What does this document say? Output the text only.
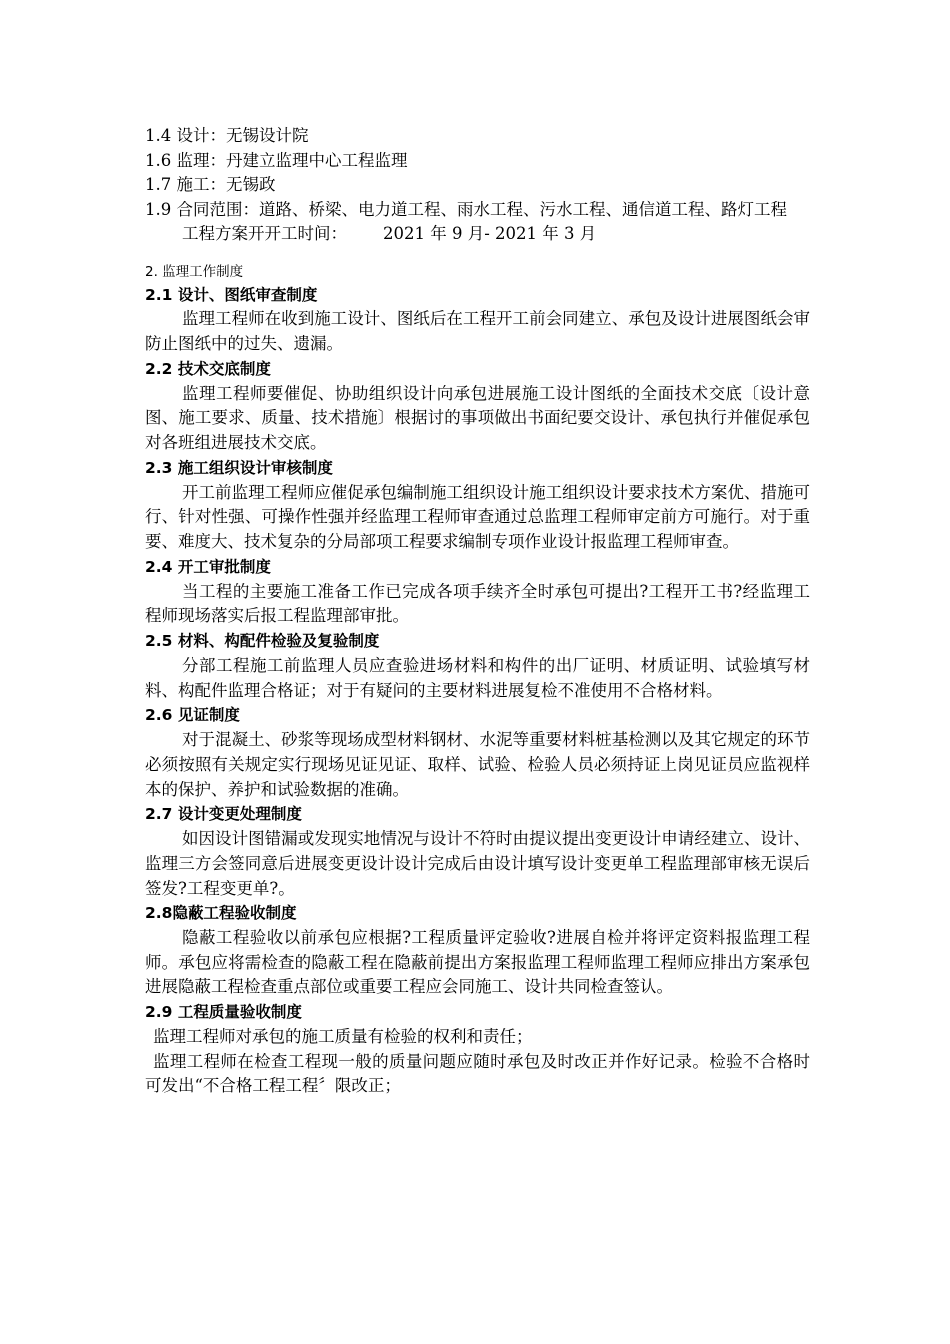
1.4 设计：无锡设计院
1.6 监理：丹建立监理中心工程监理
1.7 施工：无锡政
1.9 合同范围：道路、桥梁、电力道工程、雨水工程、污水工程、通信道工程、路灯工程
工程方案开开工时间： 2021 年 9 月- 2021 年 3 月
2. 监理工作制度
2.1 设计、图纸审查制度
监理工程师在收到施工设计、图纸后在工程开工前会同建立、承包及设计进展图纸会审防止图纸中的过失、遗漏。
2.2 技术交底制度
监理工程师要催促、协助组织设计向承包进展施工设计图纸的全面技术交底〔设计意图、施工要求、质量、技术措施〕根据讨的事项做出书面纪要交设计、承包执行并催促承包对各班组进展技术交底。
2.3 施工组织设计审核制度
开工前监理工程师应催促承包编制施工组织设计施工组织设计要求技术方案优、措施可行、针对性强、可操作性强并经监理工程师审查通过总监理工程师审定前方可施行。对于重要、难度大、技术复杂的分局部项工程要求编制专项作业设计报监理工程师审查。
2.4 开工审批制度
当工程的主要施工准备工作已完成各项手续齐全时承包可提出?工程开工书?经监理工程师现场落实后报工程监理部审批。
2.5 材料、构配件检验及复验制度
分部工程施工前监理人员应查验进场材料和构件的出厂证明、材质证明、试验填写材料、构配件监理合格证；对于有疑问的主要材料进展复检不准使用不合格材料。
2.6 见证制度
对于混凝土、砂浆等现场成型材料钢材、水泥等重要材料桩基检测以及其它规定的环节必须按照有关规定实行现场见证见证、取样、试验、检验人员必须持证上岗见证员应监视样本的保护、养护和试验数据的准确。
2.7 设计变更处理制度
如因设计图错漏或发现实地情况与设计不符时由提议提出变更设计申请经建立、设计、监理三方会签同意后进展变更设计设计完成后由设计填写设计变更单工程监理部审核无误后签发?工程变更单?。
2.8隐蔽工程验收制度
隐蔽工程验收以前承包应根据?工程质量评定验收?进展自检并将评定资料报监理工程师。承包应将需检查的隐蔽工程在隐蔽前提出方案报监理工程师监理工程师应排出方案承包进展隐蔽工程检查重点部位或重要工程应会同施工、设计共同检查签认。
2.9 工程质量验收制度
监理工程师对承包的施工质量有检验的权利和责任；
监理工程师在检查工程现一般的质量问题应随时承包及时改正并作好记录。检验不合格时可发出“不合格工程工程〞限改正；
